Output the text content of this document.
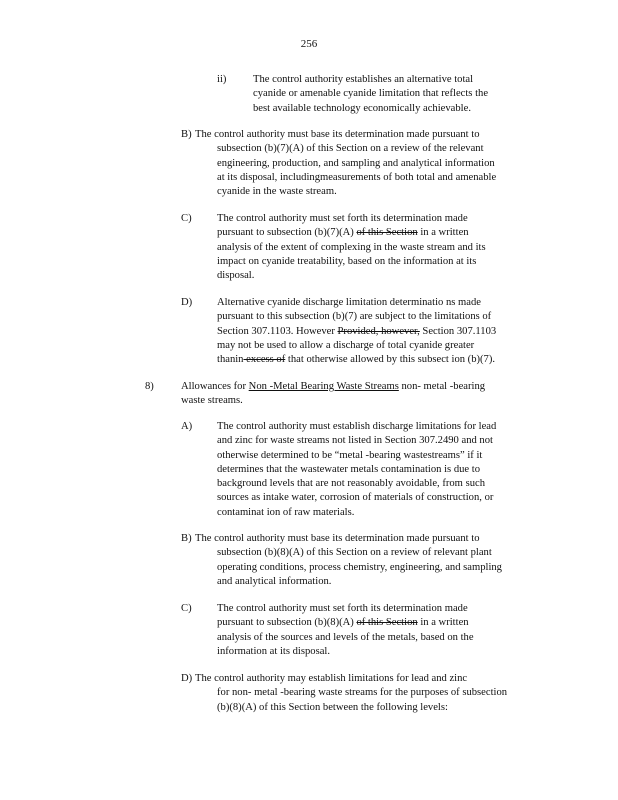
256
ii)	The control authority establishes an alternative total
cyanide or amenable cyanide limitation that reflects the
best available technology economically achievable.
B) The control authority must base its determination made pursuant to
subsection (b)(7)(A) of this Section on a review of the relevant
engineering, production, and sampling and analytical information
at its disposal, includingmeasurements of both total and amenable
cyanide in the waste stream.
C) The control authority must set forth its determination made
pursuant to subsection (b)(7)(A) of this Section in a written
analysis of the extent of complexing in the waste stream and its
impact on cyanide treatability, based on the information at its
disposal.
D) Alternative cyanide discharge limitation determinatio ns made
pursuant to this subsection (b)(7) are subject to the limitations of
Section 307.1103. However Provided, however, Section 307.1103
may not be used to allow a discharge of total cyanide greater
thanin excess of that otherwise allowed by this subsect ion (b)(7).
8)	Allowances for Non -Metal Bearing Waste Streams non- metal -bearing
waste streams.
A) The control authority must establish discharge limitations for lead
and zinc for waste streams not listed in Section 307.2490 and not
otherwise determined to be “metal -bearing wastestreams” if it
determines that the wastewater metals contamination is due to
background levels that are not reasonably avoidable, from such
sources as intake water, corrosion of materials of construction, or
contaminat ion of raw materials.
B) The control authority must base its determination made pursuant to
subsection (b)(8)(A) of this Section on a review of relevant plant
operating conditions, process chemistry, engineering, and sampling
and analytical information.
C) The control authority must set forth its determination made
pursuant to subsection (b)(8)(A) of this Section in a written
analysis of the sources and levels of the metals, based on the
information at its disposal.
D) The control authority may establish limitations for lead and zinc
for non- metal -bearing waste streams for the purposes of subsection
(b)(8)(A) of this Section between the following levels:
